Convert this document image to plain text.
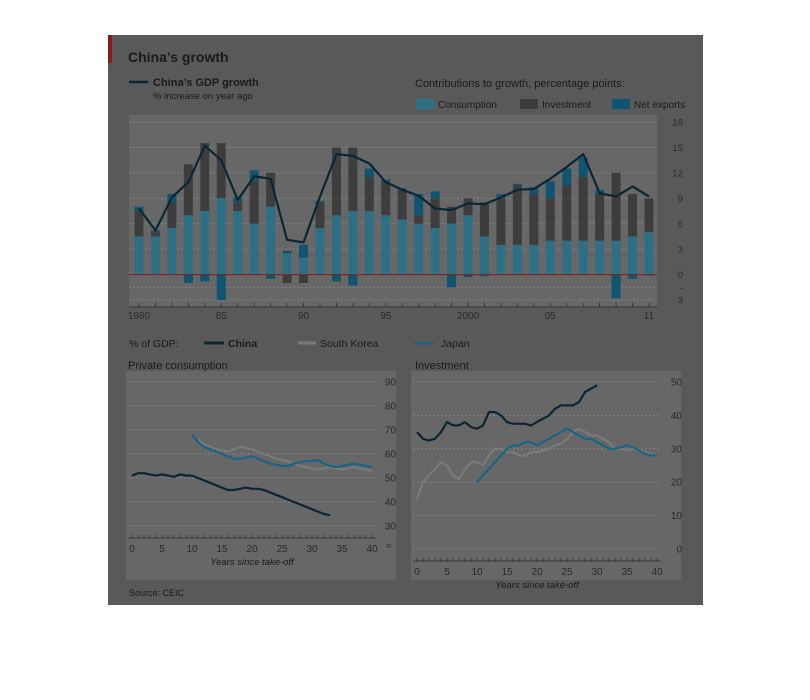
China’s growth
China’s GDP growth
% increase on year ago
Contributions to growth, percentage points:
Consumption	Investment	Net exports
18
15
12
9
6
3
0
-
3
1980	85	90	95	2000	05	11
% of GDP:	China	South Korea	Japan
Private consumption
90
80
70
60
50
40
30
0 5 10 15 20 25 30 35 40
Years since take-off
≈
Investment
50
40
30
20
10
0
0 5 10 15 20 25 30 35 40
Years since take-off
Source: CEIC
